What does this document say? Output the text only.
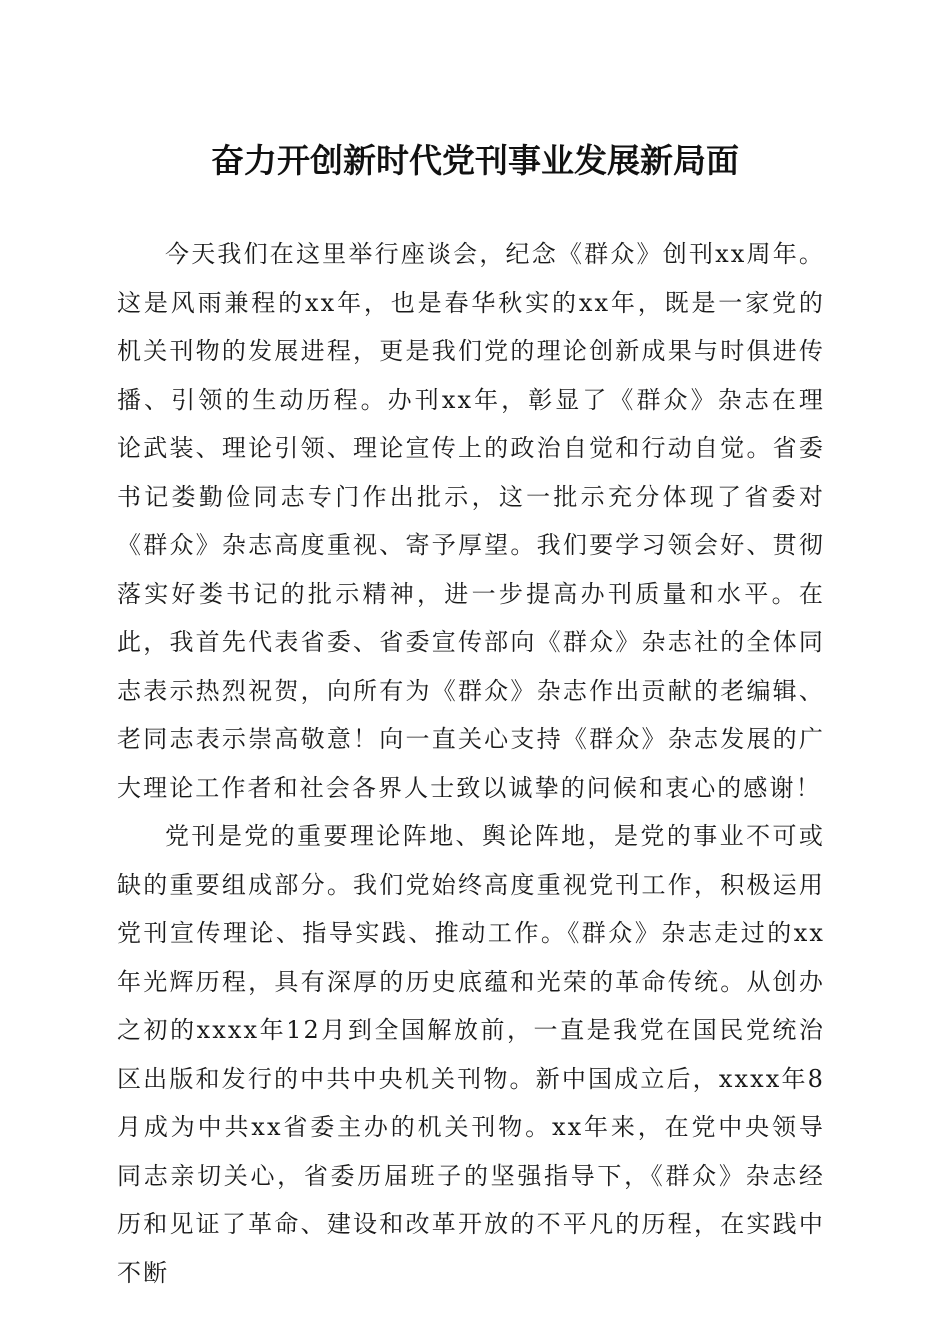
奋力开创新时代党刊事业发展新局面

今天我们在这里举行座谈会，纪念《群众》创刊xx周年。这是风雨兼程的xx年，也是春华秋实的xx年，既是一家党的机关刊物的发展进程，更是我们党的理论创新成果与时俱进传播、引领的生动历程。办刊xx年，彰显了《群众》杂志在理论武装、理论引领、理论宣传上的政治自觉和行动自觉。省委书记娄勤俭同志专门作出批示，这一批示充分体现了省委对《群众》杂志高度重视、寄予厚望。我们要学习领会好、贯彻落实好娄书记的批示精神，进一步提高办刊质量和水平。在此，我首先代表省委、省委宣传部向《群众》杂志社的全体同志表示热烈祝贺，向所有为《群众》杂志作出贡献的老编辑、老同志表示崇高敬意！向一直关心支持《群众》杂志发展的广大理论工作者和社会各界人士致以诚挚的问候和衷心的感谢！

党刊是党的重要理论阵地、舆论阵地，是党的事业不可或缺的重要组成部分。我们党始终高度重视党刊工作，积极运用党刊宣传理论、指导实践、推动工作。《群众》杂志走过的xx年光辉历程，具有深厚的历史底蕴和光荣的革命传统。从创办之初的xxxx年12月到全国解放前，一直是我党在国民党统治区出版和发行的中共中央机关刊物。新中国成立后，xxxx年8月成为中共xx省委主办的机关刊物。xx年来，在党中央领导同志亲切关心，省委历届班子的坚强指导下，《群众》杂志经历和见证了革命、建设和改革开放的不平凡的历程，在实践中不断
